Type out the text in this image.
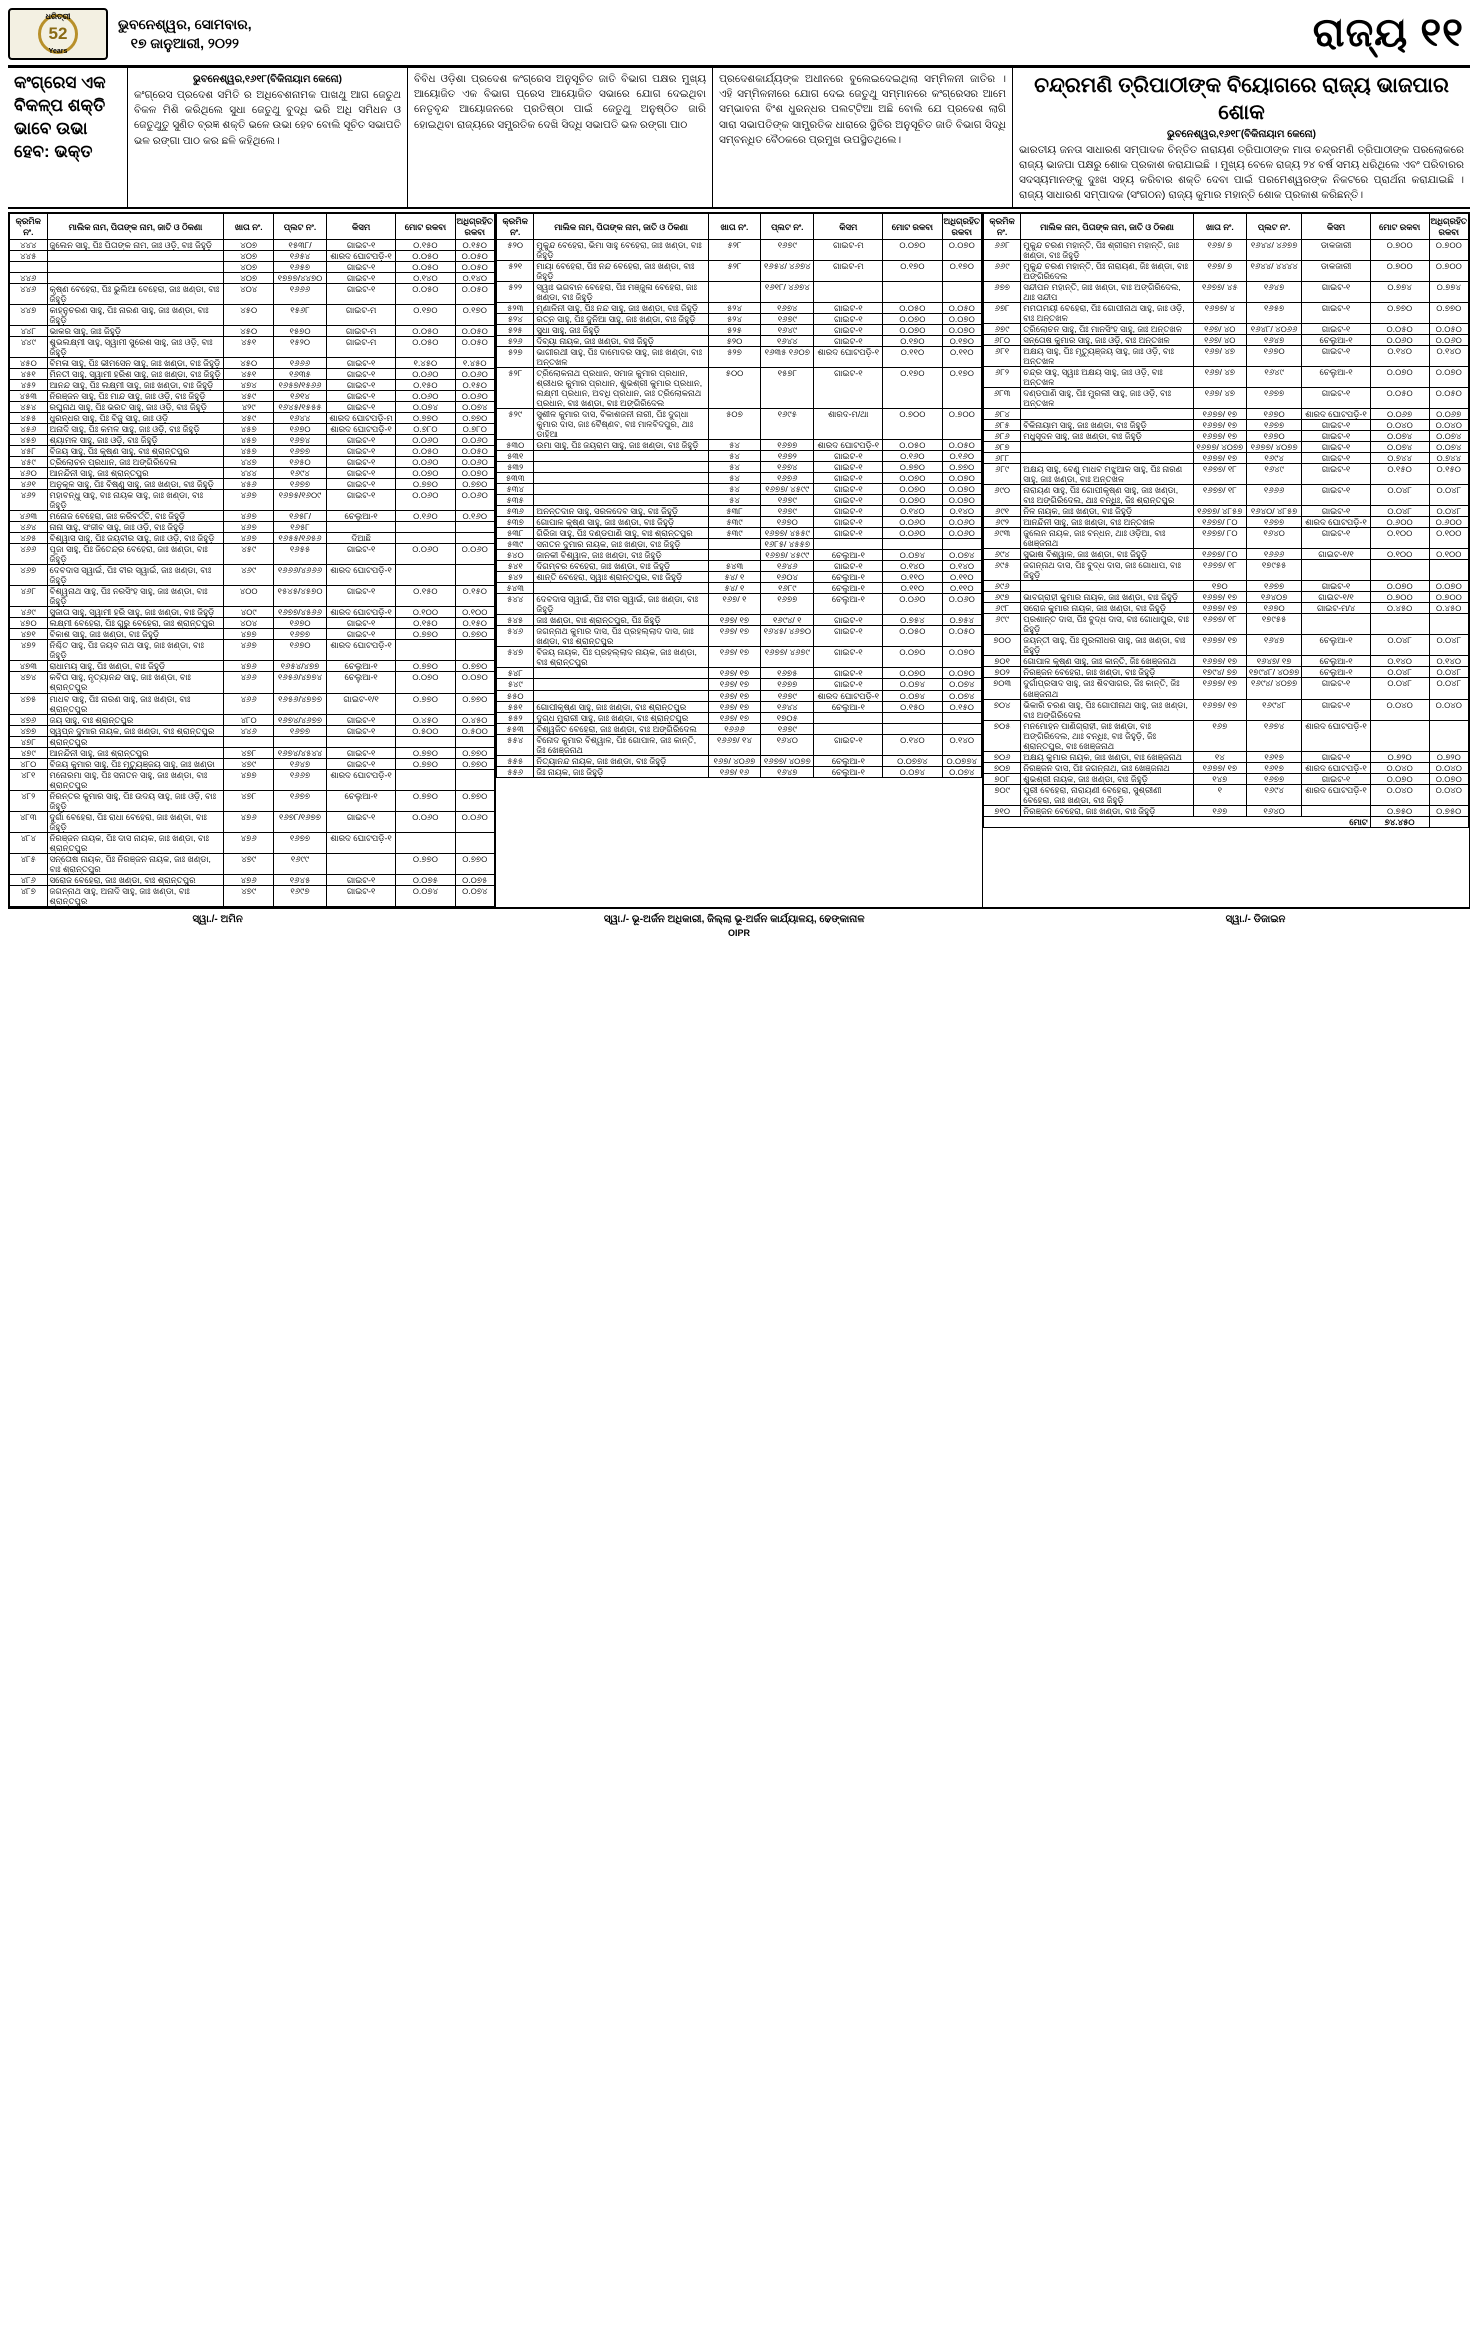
ଧରିତ୍ରୀ
52
Years
ଭୁବନେଶ୍ୱର, ସୋମବାର,
୧୭ ଜାନୁଆରୀ, ୨୦୨୨	ରାଜ୍ୟ ୧୧
କଂଗ୍ରେସ ଏକ ବିକଳ୍ପ ଶକ୍ତି ଭାବେ ଉଭା ହେବ: ଭକ୍ତ
ଭୁବନେଶ୍ୱର,୧୬୧୮(ବିକିନାୟାମ କେନୋ)
କଂଗ୍ରେସ ପ୍ରଦେଶ ସମିତି ର ଅଧିବେଶନାମକ ପାଖଥୁ ଆଗ ଜେତୁଥ ବିକଳ ମିଶି କରିଥିଲେ ସୁଧା ଜେତୁଥୁ ବୁଦ୍ଧି ଭରି ଅଧି ସମିଧନ ଓ ଜେତୁଥୁତୁ ସୁଣିତ ବ୍ରଜ୍ଞ ଶକ୍ତି ଭଳେ ଉଭା ହେବ ବୋଲି ସୂଚିତ ସଭାପତି ଭଳ ରଙ୍ଗା ପାଠ କର ଛଳି କହିଥିଲେ।
ବିବିଧ ଓଡ଼ିଶା ପ୍ରଦେଶ କଂଗ୍ରେସ ଅନୁସୂଚିତ ଜାତି ବିଭାଗ ପକ୍ଷର ମୁଖ୍ୟ ଆୟୋଜିତ ଏକ ବିଭାଗ ପ୍ରେସ ଆୟୋଜିତ ସଭାରେ ଯୋଗ ଦେଇଥିବା ନେତୃବୃନ୍ଦ ଆୟୋଜନରେ ପ୍ରତିଷ୍ଠା ପାଇଁ ଜେତୁଥୁ ଅନୁଷ୍ଠିତ ଜାରି ହୋଇଥିବା ରାଜ୍ୟରେ ସମ୍ପ୍ରତିକ ଦେଖି ସିଦ୍ଧି ସଭାପତି ଭଳ ରଙ୍ଗା ପାଠ
ପ୍ରଦେଶକାର୍ଯ୍ୟଙ୍କ ଅଧୀନରେ ବୁଲେଇଦେଇଥିଲା ସମ୍ମିଳନୀ ଜାତିର । ଏହି ସମ୍ମିଳନୀରେ ଯୋଗ ଦେଇ ଜେତୁଥୁ ସମ୍ମାନରେ କଂଗ୍ରେସର ଆମେ ସମ୍ଭାବନା ବିଂଶ ଧୁରନ୍ଧର ପଲଟ୍ଟିଆ ଅଛି ବୋଲି ଯେ ପ୍ରଦେଶ ଲାଗି ସାରା ସଭାପତିଙ୍କ ସାମ୍ପ୍ରତିକ ଧାରାରେ ସ୍ଥିତିର ଅନୁସୂଚିତ ଜାତି ବିଭାଗ ସିଦ୍ଧି ସମ୍ବନ୍ଧିତ ବୈଠକରେ ପ୍ରମୁଖ ଉପସ୍ଥିତଥିଲେ।
ଚନ୍ଦ୍ରମଣି ତ୍ରିପାଠୀଙ୍କ ବିୟୋଗରେ ରାଜ୍ୟ ଭାଜପାର ଶୋକ
ଭୁବନେଶ୍ୱର,୧୬୧୮(ବିକିନାୟାମ କେନୋ)
ଭାରତୀୟ ଜନତା ସାଧାରଣ ସମ୍ପାଦକ ଚିନ୍ତିତ ନାରାୟଣ ତ୍ରିପାଠୀଙ୍କ ମାତା ଚନ୍ଦ୍ରମଣି ତ୍ରିପାଠୀଙ୍କ ପରଲୋକରେ ରାଜ୍ୟ ଭାଜପା ପକ୍ଷରୁ ଶୋକ ପ୍ରକାଶ କରାଯାଇଛି । ମୁଖ୍ୟ ବେଳେ ରାଜ୍ୟ ୨୪ ବର୍ଷ ସମୟ ଧରିଥିଲେ ଏବଂ ପରିବାରର ସଦସ୍ୟମାନଙ୍କୁ ଦୁଃଖ ସହ୍ୟ କରିବାର ଶକ୍ତି ଦେବା ପାଇଁ ପରମେଶ୍ୱରଙ୍କ ନିକଟରେ ପ୍ରାର୍ଥନା କରାଯାଇଛି । ରାଜ୍ୟ ସାଧାରଣ ସମ୍ପାଦକ (ସଂଗଠନ) ରାଜ୍ୟ କୁମାର ମହାନ୍ତି ଶୋକ ପ୍ରକାଶ କରିଛନ୍ତି।
କ୍ରମିକ ନଂ.	ମାଲିକ ନାମ, ପିତାଙ୍କ ନାମ, ଜାତି ଓ ଠିକଣା	ଖାତା ନଂ.	ପ୍ଲଟ ନଂ.	କିସମ	ମୋଟ ରକବା	ଅଧିଗ୍ରହିତ ରକବା
୪୪୪	ଜୁଲେନ ସାହୁ, ପିଃ ପିତାଙ୍କ ନାମ, ଜାଃ ଓଡ଼ି, ବାଃ ଜିହୁଡ଼ି	୪୦୭	୧୫୩୮/	ଗାଇଟ-୧	୦.୧୫୦	୦.୧୫୦
୪୪୫		୪୦୭	୧୬୫୪	ଶାରଦ ଘୋଟପଡ଼ି-୧	୦.୦୫୦	୦.୦୫୦
		୪୦୭	୧୬୫୭	ଗାଇଟ-୧	୦.୦୫୦	୦.୦୫୦
୪୪୬		୪୦୭	୧୭୭୭/୪୪୭୦	ଗାଇଟ-୧	୦.୧୪୦	୦.୧୪୦
୪୪୬	କୃଷ୍ଣ ବେହେରା, ପିଃ ଭୁଲିଆ ବେହେରା, ଜାଃ ଖଣ୍ଡା, ବାଃ ଜିହୁଡ଼ି	୪୦୪	୧୬୬୬	ଗାଇଟ-୧	୦.୦୫୦	୦.୦୫୦
୪୪୭	କାହ୍ନୁଚରଣ ସାହୁ, ପିଃ ନାରଣ ସାହୁ, ଜାଃ ଖଣ୍ଡା, ବାଃ ଜିହୁଡ଼ି	୪୫୦	୧୫୬୮	ଗାଇଟ-ମ	୦.୧୭୦	୦.୧୭୦
୪୪୮	ଭାକର ସାହୁ, ଜାଃ ଜିହୁଡ଼ି	୪୫୦	୧୫୭୦	ଗାଇଟ-ମ	୦.୦୫୦	୦.୦୫୦
୪୪୯	ଶୁଭଲକ୍ଷ୍ମୀ ସାହୁ, ସ୍ୱାମୀ ସୁରେଶ ସାହୁ, ଜାଃ ଓଡ଼ି, ବାଃ ଜିହୁଡ଼ି	୪୫୧	୧୫୨୦	ଗାଇଟ-ମ	୦.୦୫୦	୦.୦୫୦
୪୫୦	ବିମଳା ସାହୁ, ପିଃ ଭୀମସେନ ସାହୁ, ଜାଃ ଖଣ୍ଡା, ବାଃ ଜିହୁଡ଼ି	୪୫୦	୧୬୬୬	ଗାଇଟ-୧	୧.୪୫୦	୧.୪୫୦
୪୫୧	ମିନତୀ ସାହୁ, ସ୍ୱାମୀ ହରିଶ ସାହୁ, ଜାଃ ଖଣ୍ଡା, ବାଃ ଜିହୁଡ଼ି	୪୫୧	୧୬୩୫	ଗାଇଟ-୧	୦.୦୬୦	୦.୦୬୦
୪୫୨	ଆନନ୍ଦ ସାହୁ, ପିଃ ଲକ୍ଷ୍ମୀ ସାହୁ, ଜାଃ ଖଣ୍ଡା, ବାଃ ଜିହୁଡ଼ି	୪୭୪	୧୬୫୭/୧୫୬୬	ଗାଇଟ-୧	୦.୧୫୦	୦.୧୫୦
୪୫୩	ନିରଞ୍ଜନ ସାହୁ, ପିଃ ମାନ୍ଦ ସାହୁ, ଜାଃ ଓଡ଼ି, ବାଃ ଜିହୁଡ଼ି	୪୫୯	୧୬୧୪	ଗାଇଟ-୧	୦.୦୬୦	୦.୦୬୦
୪୫୪	ରଘୁନାଥ ସାହୁ, ପିଃ ଭରତ ସାହୁ, ଜାଃ ଓଡ଼ି, ବାଃ ଜିହୁଡ଼ି	୪୨୯	୧୬୪୫/୧୫୫୫	ଗାଇଟ-୧	୦.୦୭୪	୦.୦୭୪
୪୫୫	ଧୁରନ୍ଧର ସାହୁ, ପିଃ ବିଜୁ ସାହୁ, ଜାଃ ଓଡ଼ି	୪୫୯	୧୬୪୪	ଶାରଦ ଘୋଟପଡ଼ି-ମ	୦.୭୭୦	୦.୭୭୦
୪୫୬	ଅନାଦି ସାହୁ, ପିଃ କମଳ ସାହୁ, ଜାଃ ଓଡ଼ି, ବାଃ ଜିହୁଡ଼ି	୪୫୭	୧୬୭୦	ଶାରଦ ଘୋଟପଡ଼ି-୧	୦.୭୮୦	୦.୭୮୦
୪୫୭	ଶ୍ୟାମଳ ସାହୁ, ଜାଃ ଓଡ଼ି, ବାଃ ଜିହୁଡ଼ି	୪୫୭	୧୬୭୪	ଗାଇଟ-୧	୦.୦୬୦	୦.୦୬୦
୪୫୮	ବିଜୟ ସାହୁ, ପିଃ କୃଷ୍ଣ ସାହୁ, ବାଃ ଶ୍ରାନ୍ତପୁର	୪୫୭	୧୬୭୭	ଗାଇଟ-୧	୦.୦୫୦	୦.୦୫୦
୪୫୯	ତ୍ରିଲୋଚନ ପ୍ରଧାନ, ଜାଃ ଅଙ୍ଗିରିଦେଲ	୪୪୭	୧୬୫୦	ଗାଇଟ-୧	୦.୦୬୦	୦.୦୬୦
୪୬୦	ଆନନ୍ଦିନୀ ସାହୁ, ଜାଃ ଶ୍ରାନ୍ତପୁର	୪୪୪	୧୬୯୪	ଗାଇଟ-୧	୦.୦୭୦	୦.୦୭୦
୪୬୧	ଅନୁକୂଳ ସାହୁ, ପିଃ ବିଷ୍ଣୁ ସାହୁ, ଜାଃ ଖଣ୍ଡା, ବାଃ ଜିହୁଡ଼ି	୪୫୬	୧୬୭୭	ଗାଇଟ-୧	୦.୭୭୦	୦.୭୭୦
୪୬୨	ମହାବନ୍ଧୁ ସାହୁ, ବାଃ ନାୟକ ସାହୁ, ଜାଃ ଖଣ୍ଡା, ବାଃ ଜିହୁଡ଼ି	୪୬୭	୧୬୭୫/୧୬୦୯	ଗାଇଟ-୧	୦.୦୬୦	୦.୦୬୦
୪୬୩	ମନୋଜ ବେହେରା, ଜାଃ କରିବର୍ତ୍ତି, ବାଃ ଜିହୁଡ଼ି	୪୬୭	୧୬୫୮/	ଚେଲୁଆ-୧	୦.୧୬୦	୦.୧୬୦
୪୬୪	ନାନା ସାହୁ, ସଂଜୀବ ସାହୁ, ଜାଃ ଓଡ଼ି, ବାଃ ଜିହୁଡ଼ି	୪୬୭	୧୬୫୮			
୪୬୫	ବିଶ୍ୱାସ ସାହୁ, ପିଃ ଜୟବୀର ସାହୁ, ଜାଃ ଓଡ଼ି, ବାଃ ଜିହୁଡ଼ି	୪୬୭	୧୬୫୫/୧୬୫୬	ଦିଆଛି		
୪୬୬	ପୂଜା ସାହୁ, ପିଃ ଜିତେନ୍ଦ୍ର ବେହେରା, ଜାଃ ଖଣ୍ଡା, ବାଃ ଜିହୁଡ଼ି	୪୫୯	୧୬୫୫	ଗାଇଟ-୧	୦.୦୬୦	୦.୦୬୦
୪୬୭	ଦେବଦାସ ସ୍ୱାଇଁ, ପିଃ ବୀର ସ୍ୱାଇଁ, ଜାଃ ଖଣ୍ଡା, ବାଃ ଜିହୁଡ଼ି	୪୬୯	୧୬୬୬/୪୬୬୬	ଶାରଦ ଘୋଟପଡ଼ି-୧		
୪୬୮	ବିଶ୍ୱନାଥ ସାହୁ, ପିଃ ନରସିଂହ ସାହୁ, ଜାଃ ଖଣ୍ଡା, ବାଃ ଜିହୁଡ଼ି	୪୦୦	୧୫୪୫/୪୫୭୦	ଗାଇଟ-୧	୦.୧୫୦	୦.୧୫୦
୪୬୯	ସୁଜାତା ସାହୁ, ସ୍ୱାମୀ ହରି ସାହୁ, ଜାଃ ଖଣ୍ଡା, ବାଃ ଜିହୁଡ଼ି	୪୦୯	୧୬୭୭/୪୫୬୬	ଶାରଦ ଘୋଟପଡ଼ି-୧	୦.୧୦୦	୦.୧୦୦
୪୭୦	ଲକ୍ଷ୍ମୀ ବେହେରା, ପିଃ ଗୁରୁ ବେହେରା, ଜାଃ ଶ୍ରାନ୍ତପୁର	୪୦୪	୧୬୭୦	ଗାଇଟ-୧	୦.୧୫୦	୦.୧୫୦
୪୭୧	ବିକାଶ ସାହୁ, ଜାଃ ଖଣ୍ଡା, ବାଃ ଜିହୁଡ଼ି	୪୭୭	୧୬୭୭	ଗାଇଟ-୧	୦.୭୭୦	୦.୭୭୦
୪୭୨	ନିଶ୍ଚିତ ସାହୁ, ପିଃ ଜୟବ ନାଥ ସାହୁ, ଜାଃ ଖଣ୍ଡା, ବାଃ ଜିହୁଡ଼ି	୪୬୭	୧୬୭୦	ଶାରଦ ଘୋଟପଡ଼ି-୧		
୪୭୩	ରାଧାମୟ ସାହୁ, ପିଃ ଖଣ୍ଡା, ବାଃ ଜିହୁଡ଼ି	୪୭୬	୧୬୫୪/୪୭୭	ଚେଲୁଆ-୧	୦.୭୭୦	୦.୭୭୦
୪୭୪	କବିତା ସାହୁ, ନୃତ୍ୟାନନ୍ଦ ସାହୁ, ଜାଃ ଖଣ୍ଡା, ବାଃ ଶ୍ରାନ୍ତପୁର	୪୬୬	୧୬୫୬/୪୭୭୪	ଚେଲୁଆ-୧	୦.୦୭୦	୦.୦୭୦
୪୭୫	ମାଧବ ସାହୁ, ପିଃ ନାରଣ ସାହୁ, ଜାଃ ଖଣ୍ଡା, ବାଃ ଶ୍ରାନ୍ତପୁର	୪୬୬	୧୬୫୬/୪୭୭୭	ଗାଇଟ-୧/୧	୦.୭୭୦	୦.୭୭୦
୪୭୬	ଜୟ ସାହୁ, ବାଃ ଶ୍ରାନ୍ତପୁର	୪୮୦	୧୬୭୪/୪୬୭୭	ଗାଇଟ-୧	୦.୪୫୦	୦.୪୫୦
୪୭୭	ସ୍ୱପ୍ନ ଦୁମାର ନାୟକ, ଜାଃ ଖଣ୍ଡା, ବାଃ ଶ୍ରାନ୍ତପୁର	୪୪୬	୧୬୭୭	ଗାଇଟ-୧	୦.୫୦୦	୦.୫୦୦
୪୭୮	ଶ୍ରାନ୍ତପୁର					
୪୭୯	ଆନନ୍ଦିନୀ ସାହୁ, ଜାଃ ଶ୍ରାନ୍ତପୁର	୪୭୮	୧୬୭୪/୪୫୪୪	ଗାଇଟ-୧	୦.୭୭୦	୦.୭୭୦
୪୮୦	ବିଜୟ କୁମାର ସାହୁ, ପିଃ ମୃତ୍ୟୁଞ୍ଜୟ ସାହୁ, ଜାଃ ଖଣ୍ଡା	୪୭୯	୧୬୪୭	ଗାଇଟ-୧	୦.୭୭୦	୦.୭୭୦
୪୮୧	ମନୋରମା ସାହୁ, ପିଃ ସନାତନ ସାହୁ, ଜାଃ ଖଣ୍ଡା, ବାଃ ଶ୍ରାନ୍ତପୁର	୪୭୭	୧୬୬୭	ଶାରଦ ଘୋଟପଡ଼ି-୧		
୪୮୨	ନିରନ୍ତର କୁମାର ସାହୁ, ପିଃ ଉଦୟ ସାହୁ, ଜାଃ ଓଡ଼ି, ବାଃ ଜିହୁଡ଼ି	୪୭୮	୧୬୭୭	ଚେଲୁଆ-୧	୦.୭୭୦	୦.୭୭୦
୪୮୩	ଦୁର୍ଗା ବେହେରା, ପିଃ ରାଧା ବେହେରା, ଜାଃ ଖଣ୍ଡା, ବାଃ ଜିହୁଡ଼ି	୪୭୬	୧୬୭୮/୧୬୭୭	ଗାଇଟ-୧	୦.୦୬୦	୦.୦୬୦
୪୮୪	ନିରଞ୍ଜନ ନାୟକ, ପିଃ ଦାସ ନାୟକ, ଜାଃ ଖଣ୍ଡା, ବାଃ ଶ୍ରାନ୍ତପୁର	୪୭୬	୧୬୭୭	ଶାରଦ ଘୋଟପଡ଼ି-୧		
୪୮୫	ସନ୍ତୋଷ ନାୟକ, ପିଃ ନିରଞ୍ଜନ ନାୟକ, ଜାଃ ଖଣ୍ଡା, ବାଃ ଶ୍ରାନ୍ତପୁର	୪୭୯	୧୬୯୯		୦.୭୭୦	୦.୭୭୦
୪୮୬	ସରୋଜ ବେହେରା, ଜାଃ ଖଣ୍ଡା, ବାଃ ଶ୍ରାନ୍ତପୁର	୪୭୬	୧୬୪୫	ଗାଇଟ-୧	୦.୦୭୫	୦.୦୭୫
୪୮୭	ଜଗନ୍ନାଥ ସାହୁ, ଅନାଦି ସାହୁ, ଜାଃ ଖଣ୍ଡା, ବାଃ ଶ୍ରାନ୍ତପୁର	୪୭୯	୧୬୯୭	ଗାଇଟ-୧	୦.୦୭୪	୦.୦୭୪
କ୍ରମିକ ନଂ.	ମାଲିକ ନାମ, ପିତାଙ୍କ ନାମ, ଜାତି ଓ ଠିକଣା	ଖାତା ନଂ.	ପ୍ଲଟ ନଂ.	କିସମ	ମୋଟ ରକବା	ଅଧିଗ୍ରହିତ ରକବା
୫୨୦	ମୁକୁନ୍ଦ ବେହେରା, ଭିମା ସାହୁ ବେହେରା, ଜାଃ ଖଣ୍ଡା, ବାଃ ଜିହୁଡ଼ି	୫୨୮	୧୬୭୯	ଗାଇଟ-ମ	୦.୦୭୦	୦.୦୭୦
୫୨୧	ମାୟା ବେହେରା, ପିଃ ନନ୍ଦ ବେହେରା, ଜାଃ ଖଣ୍ଡା, ବାଃ ଜିହୁଡ଼ି	୫୨୮	୧୬୫୪/ ୪୬୭୪	ଗାଇଟ-ମ	୦.୧୭୦	୦.୧୭୦
୫୨୨	ସ୍ୱାଃ ଭଗବାନ ବେହେରା, ପିଃ ମଞ୍ଜୁଳା ବେହେରା, ଜାଃ ଖଣ୍ଡା, ବାଃ ଜିହୁଡ଼ି		୧୬୧୮/ ୪୬୭୪			
୫୨୩	ମୃଣାଳିନୀ ସାହୁ, ପିଃ ନନ୍ଦ ସାହୁ, ଜାଃ ଖଣ୍ଡା, ବାଃ ଜିହୁଡ଼ି	୫୨୪	୧୬୭୪	ଗାଇଟ-୧	୦.୦୫୦	୦.୦୫୦
୫୨୪	ରତ୍ନ ସାହୁ, ପିଃ ଦୁନିଆ ସାହୁ, ଜାଃ ଖଣ୍ଡା, ବାଃ ଜିହୁଡ଼ି	୫୨୪	୧୬୭୯	ଗାଇଟ-୧	୦.୦୭୦	୦.୦୭୦
୫୨୫	ସୁଧା ସାହୁ, ଜାଃ ଜିହୁଡ଼ି	୫୨୫	୧୬୪୯	ଗାଇଟ-୧	୦.୦୭୦	୦.୦୭୦
୫୨୬	ଦିବ୍ୟା ନାୟକ, ଜାଃ ଖଣ୍ଡା, ବାଃ ଜିହୁଡ଼ି	୫୨୦	୧୬୪୪	ଗାଇଟ-୧	୦.୧୭୦	୦.୧୭୦
୫୨୭	ଭାଗୀରଥୀ ସାହୁ, ପିଃ ଦାମୋଦର ସାହୁ, ଜାଃ ଖଣ୍ଡା, ବାଃ ଅନ୍ତଖଳ	୫୨୭	୧୬୩୫ ୧୬୦୭	ଶାରଦ ଘୋଟପଡ଼ି-୧	୦.୧୧୦	୦.୧୧୦
୫୨୮	ତ୍ରିଲୋକନାଥ ପ୍ରଧାନ, ସମାଜ କୁମାର ପ୍ରଧାନ, ଶ୍ରୀଧର କୁମାର ପ୍ରଧାନ, ଶୁଭଶ୍ରୀ କୁମାର ପ୍ରଧାନ, ଲକ୍ଷ୍ମୀ ପ୍ରଧାନ, ଅବଧି ପ୍ରଧାନ, ଜାଃ ତ୍ରିଲୋକନାଥ ପ୍ରଧାନ, ବାଃ ଖଣ୍ଡା, ବାଃ ଅଙ୍ଗିରିଦେଲ	୫୦୦	୧୫୭୮	ଗାଇଟ-୧	୦.୧୭୦	୦.୧୭୦
୫୨୯	ସୁଶୀଳ କୁମାର ଦାସ, ବିକାଶଜନୀ ନାରୀ, ପିଃ ଦୁଗ୍ଧା କୁମାର ଦାସ, ଜାଃ ବୈଷ୍ଣବ, ବାଃ ମାଳବିଦପୁର, ଥାଃ ଡାହିଆ	୫୦୭	୧୬୯୫	ଶାରଦ-ମ/ଥା	୦.୭୦୦	୦.୭୦୦
୫୩୦	ଉମା ସାହୁ, ପିଃ ଜୟରାମ ସାହୁ, ଜାଃ ଖଣ୍ଡା, ବାଃ ଜିହୁଡ଼ି	୫୪	୧୬୭୭	ଶାରଦ ଘୋଟପଡ଼ି-୧	୦.୦୫୦	୦.୦୫୦
୫୩୧		୫୪	୧୬୭୨	ଗାଇଟ-୧	୦.୧୬୦	୦.୧୬୦
୫୩୨		୫୪	୧୬୭୪	ଗାଇଟ-୧	୦.୭୭୦	୦.୭୭୦
୫୩୩		୫୪	୧୬୭୬	ଗାଇଟ-୧	୦.୦୭୦	୦.୦୭୦
୫୩୪		୫୪	୧୬୭୭/ ୪୫୯୯	ଗାଇଟ-୧	୦.୦୭୦	୦.୦୭୦
୫୩୫		୫୪	୧୬୭୯	ଗାଇଟ-୧	୦.୦୭୦	୦.୦୭୦
୫୩୬	ଅନନ୍ତଦାନ ସାହୁ, ସରଳଦେବ ସାହୁ, ବାଃ ଜିହୁଡ଼ି	୫୩୮	୧୬୭୯	ଗାଇଟ-୧	୦.୧୪୦	୦.୧୪୦
୫୩୭	ଗୋପାଳ କୃଷ୍ଣ ସାହୁ, ଜାଃ ଖଣ୍ଡା, ବାଃ ଜିହୁଡ଼ି	୫୩୯	୧୬୭୦	ଗାଇଟ-୧	୦.୦୬୦	୦.୦୬୦
୫୩୮	ଗିରିଜା ସାହୁ, ପିଃ ଦଣ୍ଡପାଣି ସାହୁ, ବାଃ ଶ୍ରାନ୍ତପୁର	୫୩୯	୧୬୭୭/ ୪୫୫୯	ଗାଇଟ-୧	୦.୦୬୦	୦.୦୬୦
୫୩୯	ସନାତନ ଦୁମାର ନାୟକ, ଜାଃ ଖଣ୍ଡା, ବାଃ ଜିହୁଡ଼ି		୧୬୮୫/ ୪୫୫୭			
୫୪୦	ଜାନକୀ ବିଶ୍ୱାଳ, ଜାଃ ଖଣ୍ଡା, ବାଃ ଜିହୁଡ଼ି		୧୬୭୭/ ୪୫୯୯	ଚେଲୁଆ-୧	୦.୦୭୪	୦.୦୭୪
୫୪୧	ଦିଗମ୍ବର ବେହେରା, ଜାଃ ଖଣ୍ଡା, ବାଃ ଜିହୁଡ଼ି	୫୪୩	୧୬୪୬	ଗାଇଟ-୧	୦.୧୪୦	୦.୧୪୦
୫୪୨	ଶାନ୍ତି ବେହେରା, ସ୍ୱାଃ ଶ୍ରାନ୍ତପୁର, ବାଃ ଜିହୁଡ଼ି	୫୪/ ୧	୧୬୦୪	ଚେଲୁଆ-୧	୦.୧୧୦	୦.୧୧୦
୫୪୩		୫୪/ ୧	୧୬୮୯	ଚେଲୁଆ-୧	୦.୧୧୦	୦.୧୧୦
୫୪୪	ଦେବଦାସ ସ୍ୱାଇଁ, ପିଃ ବୀର ସ୍ୱାଇଁ, ଜାଃ ଖଣ୍ଡା, ବାଃ ଜିହୁଡ଼ି	୧୬୭/ ୧	୧୬୭୭	ଚେଲୁଆ-୧	୦.୦୬୦	୦.୦୬୦
୫୪୫	ଜାଃ ଖଣ୍ଡା, ବାଃ ଶ୍ରାନ୍ତପୁର, ପିଃ ଜିହୁଡ଼ି	୧୬୭/ ୧୭	୧୬୯୪/ ୧	ଗାଇଟ-୧	୦.୭୫୪	୦.୭୫୪
୫୪୬	ଜଗନ୍ନାଥ କୁମାର ଦାସ, ପିଃ ପ୍ରହଲ୍ଲାଦ ଦାସ, ଜାଃ ଖଣ୍ଡା, ବାଃ ଶ୍ରାନ୍ତପୁର	୧୬୭/ ୧୭	୧୬୪୫/ ୪୬୭୦	ଗାଇଟ-୧	୦.୦୫୦	୦.୦୫୦
୫୪୭	ବିଜୟ ନାୟକ, ପିଃ ପ୍ରହଲ୍ଲାଦ ନାୟକ, ଜାଃ ଖଣ୍ଡା, ବାଃ ଶ୍ରାନ୍ତପୁର	୧୬୭/ ୧୭	୧୬୭୭/ ୪୬୭୯	ଗାଇଟ-୧	୦.୦୭୦	୦.୦୭୦
୫୪୮		୧୬୭/ ୧୭	୧୬୭୫	ଗାଇଟ-୧	୦.୦୭୦	୦.୦୭୦
୫୪୯		୧୬୭/ ୧୭	୧୬୭୭	ଗାଇଟ-୧	୦.୦୭୪	୦.୦୭୪
୫୫୦		୧୬୭/ ୧୭	୧୬୭୯	ଶାରଦ ଘୋଟପଡ଼ି-୧	୦.୦୭୪	୦.୦୭୪
୫୫୧	ଗୋପୀକୃଷ୍ଣ ସାହୁ, ଜାଃ ଖଣ୍ଡା, ବାଃ ଶ୍ରାନ୍ତପୁର	୧୬୭/ ୧୭	୧୬୪୪	ଚେଲୁଆ-୧	୦.୧୫୦	୦.୧୫୦
୫୫୨	ଦୁଗ୍ଧ ମୁରାରୀ ସାହୁ, ଜାଃ ଖଣ୍ଡା, ବାଃ ଶ୍ରାନ୍ତପୁର	୧୬୭/ ୧୭	୧୭୦୫			
୫୫୩	ବିଶ୍ୱଜିତ ବେହେରା, ଜାଃ ଖଣ୍ଡା, ବାଃ ଅଙ୍ଗିରିଦେଲ	୧୬୬୬	୧୬୭୯			
୫୫୪	ବିନୋଦ କୁମାର ବିଶ୍ୱାଳ, ପିଃ ଗୋପାଳ, ଜାଃ କାନ୍ତି, ଜିଃ ଖେଞ୍ଜନାଥ	୧୬୬୭/ ୧୪	୧୬୪୦	ଗାଇଟ-୧	୦.୧୪୦	୦.୧୪୦
୫୫୫	ନିତ୍ୟାନନ୍ଦ ନାୟକ, ଜାଃ ଖଣ୍ଡା, ବାଃ ଜିହୁଡ଼ି	୧୬୭/ ୪୦୬୭	୧୬୭୭/ ୪୦୭୭	ଚେଲୁଆ-୧	୦.୦୭୭୪	୦.୦୭୭୪
୫୫୬	ଜିଃ ନାୟକ, ଜାଃ ଜିହୁଡ଼ି	୧୬୭/ ୧୬	୧୬୪୭	ଚେଲୁଆ-୧	୦.୦୭୪	୦.୦୭୪
କ୍ରମିକ ନଂ.	ମାଲିକ ନାମ, ପିତାଙ୍କ ନାମ, ଜାତି ଓ ଠିକଣା	ଖାତା ନଂ.	ପ୍ଲଟ ନଂ.	କିସମ	ମୋଟ ରକବା	ଅଧିଗ୍ରହିତ ରକବା
୬୬୮	ମୁକୁନ୍ଦ ଚରଣ ମହାନ୍ତି, ପିଃ ଶ୍ରୀରାମ ମହାନ୍ତି, ଜାଃ ଖଣ୍ଡା, ବାଃ ଜିହୁଡ଼ି	୧୬୭/ ୭	୧୬୪୪/ ୪୬୭୭	ଡାକଜାରୀ	୦.୭୦୦	୦.୭୦୦
୬୬୯	ମୁକୁନ୍ଦ ଚରଣ ମହାନ୍ତି, ପିଃ ନାରାୟଣ, ଜିଃ ଖଣ୍ଡା, ବାଃ ଅଙ୍ଗିରିଦେଲ	୧୬୭/ ୭	୧୬୪୪/ ୪୪୪୪	ଡାକଜାରୀ	୦.୭୦୦	୦.୭୦୦
୬୭୭	ସନ୍ଦୀପନ ମହାନ୍ତି, ଜାଃ ଖଣ୍ଡା, ବାଃ ଅଙ୍ଗିରିଦେଲ, ଥାଃ ସନ୍ଦୀପ	୧୬୭୭/ ୪୫	୧୬୪୭	ଗାଇଟ-୧	୦.୭୭୪	୦.୭୭୪
୬୭୮	ମମତାମୟୀ ବେହେରା, ପିଃ ଗୋପୀନାଥ ସାହୁ, ଜାଃ ଓଡ଼ି, ବାଃ ଅନ୍ତଖଳ	୧୬୭୭/ ୪	୧୬୫୭	ଗାଇଟ-୧	୦.୭୭୦	୦.୭୭୦
୬୭୯	ତ୍ରିଲୋଚନ ସାହୁ, ପିଃ ମାନସିଂହ ସାହୁ, ଜାଃ ଅନ୍ତଖଳ	୧୬୭/ ୪୦	୧୬୪୮/ ୪୦୬୬	ଗାଇଟ-୧	୦.୦୫୦	୦.୦୫୦
୬୮୦	ସନ୍ତୋଷ କୁମାର ସାହୁ, ଜାଃ ଓଡ଼ି, ବାଃ ଅନ୍ତଖଳ	୧୬୭/ ୪୦	୧୬୪୭	ଚେଲୁଆ-୧	୦.୦୬୦	୦.୦୬୦
୬୮୧	ଅକ୍ଷୟ ସାହୁ, ପିଃ ମୃତ୍ୟୁଞ୍ଜୟ ସାହୁ, ଜାଃ ଓଡ଼ି, ବାଃ ଅନ୍ତଖଳ	୧୬୭/ ୪୭	୧୬୭୦	ଗାଇଟ-୧	୦.୧୪୦	୦.୧୪୦
୬୮୨	ଚନ୍ଦ୍ର ସାହୁ, ସ୍ୱାଃ ଅକ୍ଷୟ ସାହୁ, ଜାଃ ଓଡ଼ି, ବାଃ ଅନ୍ତଖଳ	୧୬୭/ ୪୭	୧୬୪୯	ଚେଲୁଆ-୧	୦.୦୭୦	୦.୦୭୦
୬୮୩	ଦଣ୍ଡପାଣି ସାହୁ, ପିଃ ମୁରଲୀ ସାହୁ, ଜାଃ ଓଡ଼ି, ବାଃ ଅନ୍ତଖଳ	୧୬୭/ ୪୭	୧୬୭୭	ଗାଇଟ-୧	୦.୦୫୦	୦.୦୫୦
୬୮୪		୧୬୭୭/ ୧୭	୧୬୭୦	ଶାରଦ ଘୋଟପଡ଼ି-୧	୦.୦୬୭	୦.୦୬୭
୬୮୫	ବିକିନାୟାମ ସାହୁ, ଜାଃ ଖଣ୍ଡା, ବାଃ ଜିହୁଡ଼ି	୧୬୭୭/ ୧୭	୧୬୭୭	ଗାଇଟ-୧	୦.୦୪୦	୦.୦୪୦
୬୮୬	ମଧୁସୂଦନ ସାହୁ, ଜାଃ ଖଣ୍ଡା, ବାଃ ଜିହୁଡ଼ି	୧୬୭୭/ ୧୭	୧୬୭୦	ଗାଇଟ-୧	୦.୦୭୪	୦.୦୭୪
୬୮୭		୧୬୭୭/ ୪୦୭୭	୧୬୭୭/ ୪୦୭୭	ଗାଇଟ-୧	୦.୦୭୪	୦.୦୭୪
୬୮୮		୧୬୭୭/ ୧୭	୧୬୯୪	ଗାଇଟ-୧	୦.୭୪୪	୦.୭୪୪
୬୮୯	ଅକ୍ଷୟ ସାହୁ, ବେଣୁ ମାଧବ ମଝୁଆଳ ସାହୁ, ପିଃ ନାରଣ ସାହୁ, ଜାଃ ଖଣ୍ଡା, ବାଃ ଅନ୍ତଖଳ	୧୬୭୭/ ୧୮	୧୬୪୯	ଗାଇଟ-୧	୦.୧୫୦	୦.୧୫୦
୬୯୦	ନାରାୟଣ ସାହୁ, ପିଃ ଗୋପୀକୃଷ୍ଣ ସାହୁ, ଜାଃ ଖଣ୍ଡା, ବାଃ ଅଙ୍ଗିରିଦେଲ, ଥାଃ ବନ୍ଧିଃ, ଜିଃ ଶ୍ରାନ୍ତପୁର	୧୬୭୭/ ୧୮	୧୬୬୬	ଗାଇଟ-୧	୦.୦୪୮	୦.୦୪୮
୬୯୧	ନିଳ ନାୟକ, ଜାଃ ଖଣ୍ଡା, ବାଃ ଜିହୁଡ଼ି	୧୬୭୭/ ୪୮୫୭	୧୬୪୦/ ୪୮୫୭	ଗାଇଟ-୧	୦.୦୪୮	୦.୦୪୮
୬୯୨	ଆନନ୍ଦିନୀ ସାହୁ, ଜାଃ ଖଣ୍ଡା, ବାଃ ଅନ୍ତଖଳ	୧୬୭୭/ ୮୦	୧୬୭୭	ଶାରଦ ଘୋଟପଡ଼ି-୧	୦.୬୦୦	୦.୬୦୦
୬୯୩	ଜୁଲେନ ନାୟକ, ଜାଃ ବନ୍ଧନ, ଥାଃ ଓଡ଼ିଆ, ବାଃ ଖେଞ୍ଜନାଥ	୧୬୭୭/ ୮୦	୧୬୪୦	ଗାଇଟ-୧	୦.୧୦୦	୦.୧୦୦
୬୯୪	ସୁଭାଷ ବିଶ୍ୱାଳ, ଜାଃ ଖଣ୍ଡା, ବାଃ ଜିହୁଡ଼ି	୧୬୭୭/ ୮୦	୧୬୬୬	ଗାଇଟ-୧/୧	୦.୧୦୦	୦.୧୦୦
୬୯୫	ଜଗନ୍ନାଥ ଦାସ, ପିଃ ବୁଦ୍ଧ ଦାସ, ଜାଃ ଗୋଧାପ, ବାଃ ଜିହୁଡ଼ି	୧୬୭୭/ ୧୮	୧୭୯୫୫			
୬୯୬		୧୭୦	୧୬୭୭	ଗାଇଟ-୧	୦.୦୭୦	୦.୦୭୦
୬୯୭	ଭାବଗ୍ରାହୀ କୁମାର ନାୟକ, ଜାଃ ଖଣ୍ଡା, ବାଃ ଜିହୁଡ଼ି	୧୬୭୭/ ୧୭	୧୬୪୦୭	ଗାଇଟ-୧/୧	୦.୭୦୦	୦.୭୦୦
୬୯୮	ସରୋଜ କୁମାର ନାୟକ, ଜାଃ ଖଣ୍ଡା, ବାଃ ଜିହୁଡ଼ି	୧୬୭୭/ ୧୭	୧୬୭୦	ଗାଇଟ-ମ/୪	୦.୪୫୦	୦.୪୫୦
୬୯୯	ପ୍ରଶାନ୍ତ ଦାସ, ପିଃ ବୁଦ୍ଧ ଦାସ, ବାଃ ଗୋଧାପୁର, ବାଃ ଜିହୁଡ଼ି	୧୬୭୭/ ୧୮	୧୭୯୫୫			
୭୦୦	ଜୟନ୍ତୀ ସାହୁ, ପିଃ ମୁରଲୀଧର ସାହୁ, ଜାଃ ଖଣ୍ଡା, ବାଃ ଜିହୁଡ଼ି	୧୬୭୭/ ୧୭	୧୬୪୭	ଚେଲୁଆ-୧	୦.୦୪୮	୦.୦୪୮
୭୦୧	ଗୋପାଳ କୃଷ୍ଣ ସାହୁ, ଜାଃ କାନ୍ତି, ଜିଃ ଖେଞ୍ଜନାଥ	୧୬୭୭/ ୧୭	୧୬୪୭/ ୧୭	ଚେଲୁଆ-୧	୦.୧୪୦	୦.୧୪୦
୭୦୨	ନିରଞ୍ଜନ ବେହେରା, ଜାଃ ଖଣ୍ଡା, ବାଃ ଜିହୁଡ଼ି	୧୭୯୪/ ୭୭	୧୭୯୪୮/ ୪୦୭୭	ଚେଲୁଆ-୧	୦.୦୪୮	୦.୦୪୮
୭୦୩	ଦୁର୍ଗାପ୍ରସାଦ ସାହୁ, ଜାଃ ଶିବସାଗର, ଜିଃ କାନ୍ତି, ଜିଃ ଖେଞ୍ଜନାଥ	୧୬୭୭/ ୧୭	୧୬୯୪/ ୪୦୭୭	ଗାଇଟ-୧	୦.୦୪୮	୦.୦୪୮
୭୦୪	ଭିକାରି ଚରଣ ସାହୁ, ପିଃ ଗୋପୀନାଥ ସାହୁ, ଜାଃ ଖଣ୍ଡା, ବାଃ ଅଙ୍ଗିରିଦେଲ	୧୬୭୭/ ୧୭	୧୬୯୪୮	ଗାଇଟ-୧	୦.୦୪୦	୦.୦୪୦
୭୦୫	ମନମୋହନ ପାଣିଗ୍ରାହୀ, ଜାଃ ଖଣ୍ଡା, ବାଃ ଅଙ୍ଗିରିଦେଲ, ଥାଃ ବନ୍ଧିଃ, ବାଃ ଜିହୁଡ଼ି, ଜିଃ ଶ୍ରାନ୍ତପୁର, ବାଃ ଖେଞ୍ଜନାଥ	୧୬୭	୧୬୭୪	ଶାରଦ ଘୋଟପଡ଼ି-୧		
୭୦୬	ଅକ୍ଷୟ କୁମାର ନାୟକ, ଜାଃ ଖଣ୍ଡା, ବାଃ ଖେଞ୍ଜନାଥ	୧୪	୧୬୧୭	ଗାଇଟ-୧	୦.୭୨୦	୦.୭୨୦
୭୦୭	ନିରଞ୍ଜନ ଦାସ, ପିଃ ଜଗନ୍ନାଥ, ଜାଃ ଖେଞ୍ଜନାଥ	୧୬୭୭/ ୧୭	୧୬୧୭	ଶାରଦ ଘୋଟପଡ଼ି-୧	୦.୦୪୦	୦.୦୪୦
୭୦୮	ଶୁଭଶ୍ରୀ ନାୟକ, ଜାଃ ଖଣ୍ଡା, ବାଃ ଜିହୁଡ଼ି	୧୪୭	୧୬୭୭	ଗାଇଟ-୧	୦.୦୭୦	୦.୦୭୦
୭୦୯	ପୁରୀ ବେହେରା, ନାରାୟଣୀ ବେହେରା, ସୁଶ୍ରୀଣୀ ବେହେରା, ଜାଃ ଖଣ୍ଡା, ବାଃ ଜିହୁଡ଼ି	୧	୧୬୯୪	ଶାରଦ ଘୋଟପଡ଼ି-୧	୦.୦୪୦	୦.୦୪୦
୭୧୦	ନିରଞ୍ଜନ ବେହେରା, ଜାଃ ଖଣ୍ଡା, ବାଃ ଜିହୁଡ଼ି	୧୬୭	୧୬୪୦		୦.୭୫୦	୦.୭୫୦
ମୋଟ					୭୪.୪୫୦	
ସ୍ୱା./- ଅମିନ	ସ୍ୱା./- ଭୂ-ଅର୍ଜନ ଅଧିକାରୀ, ଜିଲ୍ଲା ଭୂ-ଅର୍ଜନ କାର୍ଯ୍ୟାଳୟ, ଢେଙ୍କାନାଳ	ସ୍ୱା./- ଡିଜାଇନ
OIPR
